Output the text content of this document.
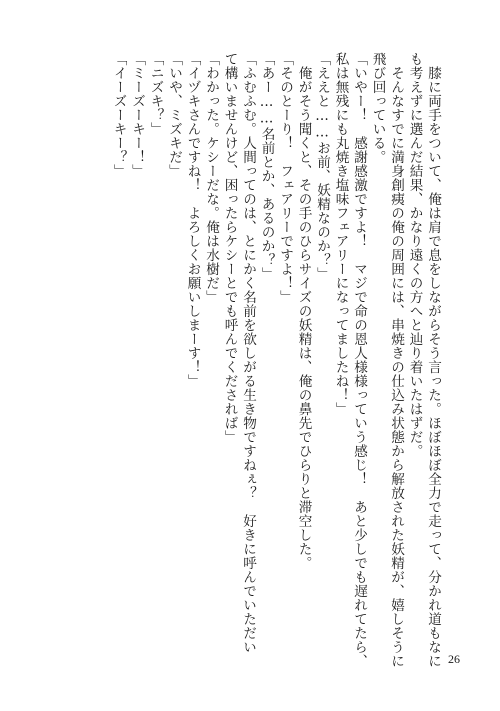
　膝に両手をついて、俺は肩で息をしながらそう言った。ほぼほぼ全力で走って、分かれ道もなに
も考えずに選んだ結果、かなり遠くの方へと辿り着いたはずだ。
　そんなすでに満身創痍の俺の周囲には、串焼きの仕込み状態から解放された妖精が、嬉しそうに
飛び回っている。
「いやー！　感謝感激ですよ！　マジで命の恩人様様っていう感じ！　あと少しでも遅れてたら、
私は無残にも丸焼き塩味フェアリーになってましたね！」
「ええと……お前、妖精なのか？」
　俺がそう聞くと、その手のひらサイズの妖精は、俺の鼻先でひらりと滞空した。
「そのとーり！　フェアリーですよ！」
「あー……名前とか、あるのか？」
「ふむふむ。人間ってのは、とにかく名前を欲しがる生き物ですねぇ？　好きに呼んでいただい
て構いませんけど、困ったらケシーとでも呼んでくだされば」
「わかった。ケシーだな。俺は水樹だ」
「イヅキさんですね！　よろしくお願いしまーす！」
「いや、ミズキだ」
「ニズキ？」
「ミーズーキー！」
「イーズーキー？」
26
